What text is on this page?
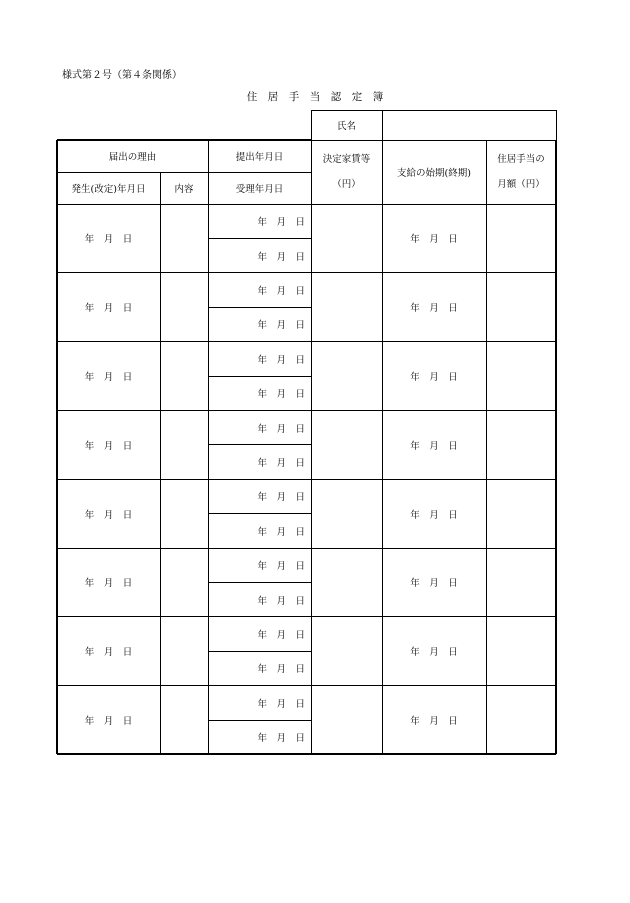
様式第２号（第４条関係）
住　居　手　当　認　定　簿
氏名
届出の理由
発生(改定)年月日	内容
提出年月日
受理年月日
決定家賃等
（円）
支給の始期(終期)
住居手当の
月額（円）
年　月　日
年　月　日
年　月　日
年　月　日
年　月　日
年　月　日
年　月　日
年　月　日
年　月　日
年　月　日
年　月　日
年　月　日
年　月　日
年　月　日
年　月　日
年　月　日
年　月　日
年　月　日
年　月　日
年　月　日
年　月　日
年　月　日
年　月　日
年　月　日
年　月　日
年　月　日
年　月　日
年　月　日
年　月　日
年　月　日
年　月　日
年　月　日
